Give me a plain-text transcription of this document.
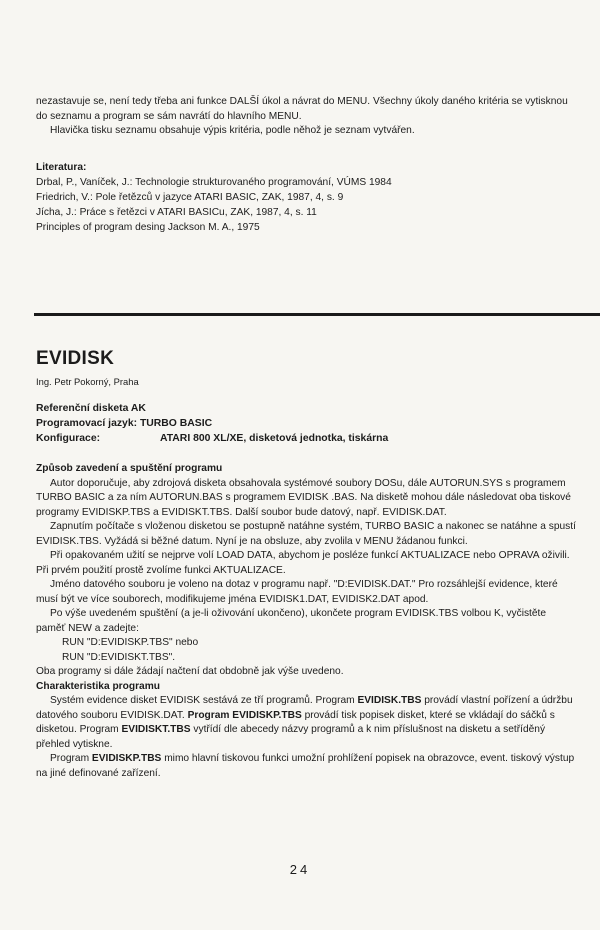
nezastavuje se, není tedy třeba ani funkce DALŠÍ úkol a návrat do MENU. Všechny úkoly daného kritéria se vytisknou do seznamu a program se sám navrátí do hlavního MENU.
Hlavička tisku seznamu obsahuje výpis kritéria, podle něhož je seznam vytvářen.
Literatura:
Drbal, P., Vaníček, J.: Technologie strukturovaného programování, VÚMS 1984
Friedrich, V.: Pole řetězců v jazyce ATARI BASIC, ZAK, 1987, 4, s. 9
Jícha, J.: Práce s řetězci v ATARI BASICu, ZAK, 1987, 4, s. 11
Principles of program desing Jackson M. A., 1975
EVIDISK
Ing. Petr Pokorný, Praha
Referenční disketa AK
Programovací jazyk: TURBO BASIC
Konfigurace:	ATARI 800 XL/XE, disketová jednotka, tiskárna
Způsob zavedení a spuštění programu
Autor doporučuje, aby zdrojová disketa obsahovala systémové soubory DOSu, dále AUTORUN.SYS s programem TURBO BASIC a za ním AUTORUN.BAS s programem EVIDISK .BAS. Na disketě mohou dále následovat oba tiskové programy EVIDISKP.TBS a EVIDISKT.TBS. Další soubor bude datový, např. EVIDISK.DAT.
Zapnutím počítače s vloženou disketou se postupně natáhne systém, TURBO BASIC a nakonec se natáhne a spustí EVIDISK.TBS. Vyžádá si běžné datum. Nyní je na obsluze, aby zvolila v MENU žádanou funkci.
Při opakovaném užití se nejprve volí LOAD DATA, abychom je posléze funkcí AKTUALIZACE nebo OPRAVA oživili. Při prvém použití prostě zvolíme funkci AKTUALIZACE.
Jméno datového souboru je voleno na dotaz v programu např. "D:EVIDISK.DAT." Pro rozsáhlejší evidence, které musí být ve více souborech, modifikujeme jména EVIDISK1.DAT, EVIDISK2.DAT apod.
Po výše uvedeném spuštění (a je-li oživování ukončeno), ukončete program EVIDISK.TBS volbou K, vyčistěte paměť NEW a zadejte:
RUN "D:EVIDISKP.TBS" nebo
RUN "D:EVIDISKT.TBS".
Oba programy si dále žádají načtení dat obdobně jak výše uvedeno.
Charakteristika programu
Systém evidence disket EVIDISK sestává ze tří programů. Program EVIDISK.TBS provádí vlastní pořízení a údržbu datového souboru EVIDISK.DAT. Program EVIDISKP.TBS provádí tisk popisek disket, které se vkládají do sáčků s disketou. Program EVIDISKT.TBS vytřídí dle abecedy názvy programů a k nim příslušnost na disketu a setříděný přehled vytiskne.
Program EVIDISKP.TBS mimo hlavní tiskovou funkci umožní prohlížení popisek na obrazovce, event. tiskový výstup na jiné definované zařízení.
24
